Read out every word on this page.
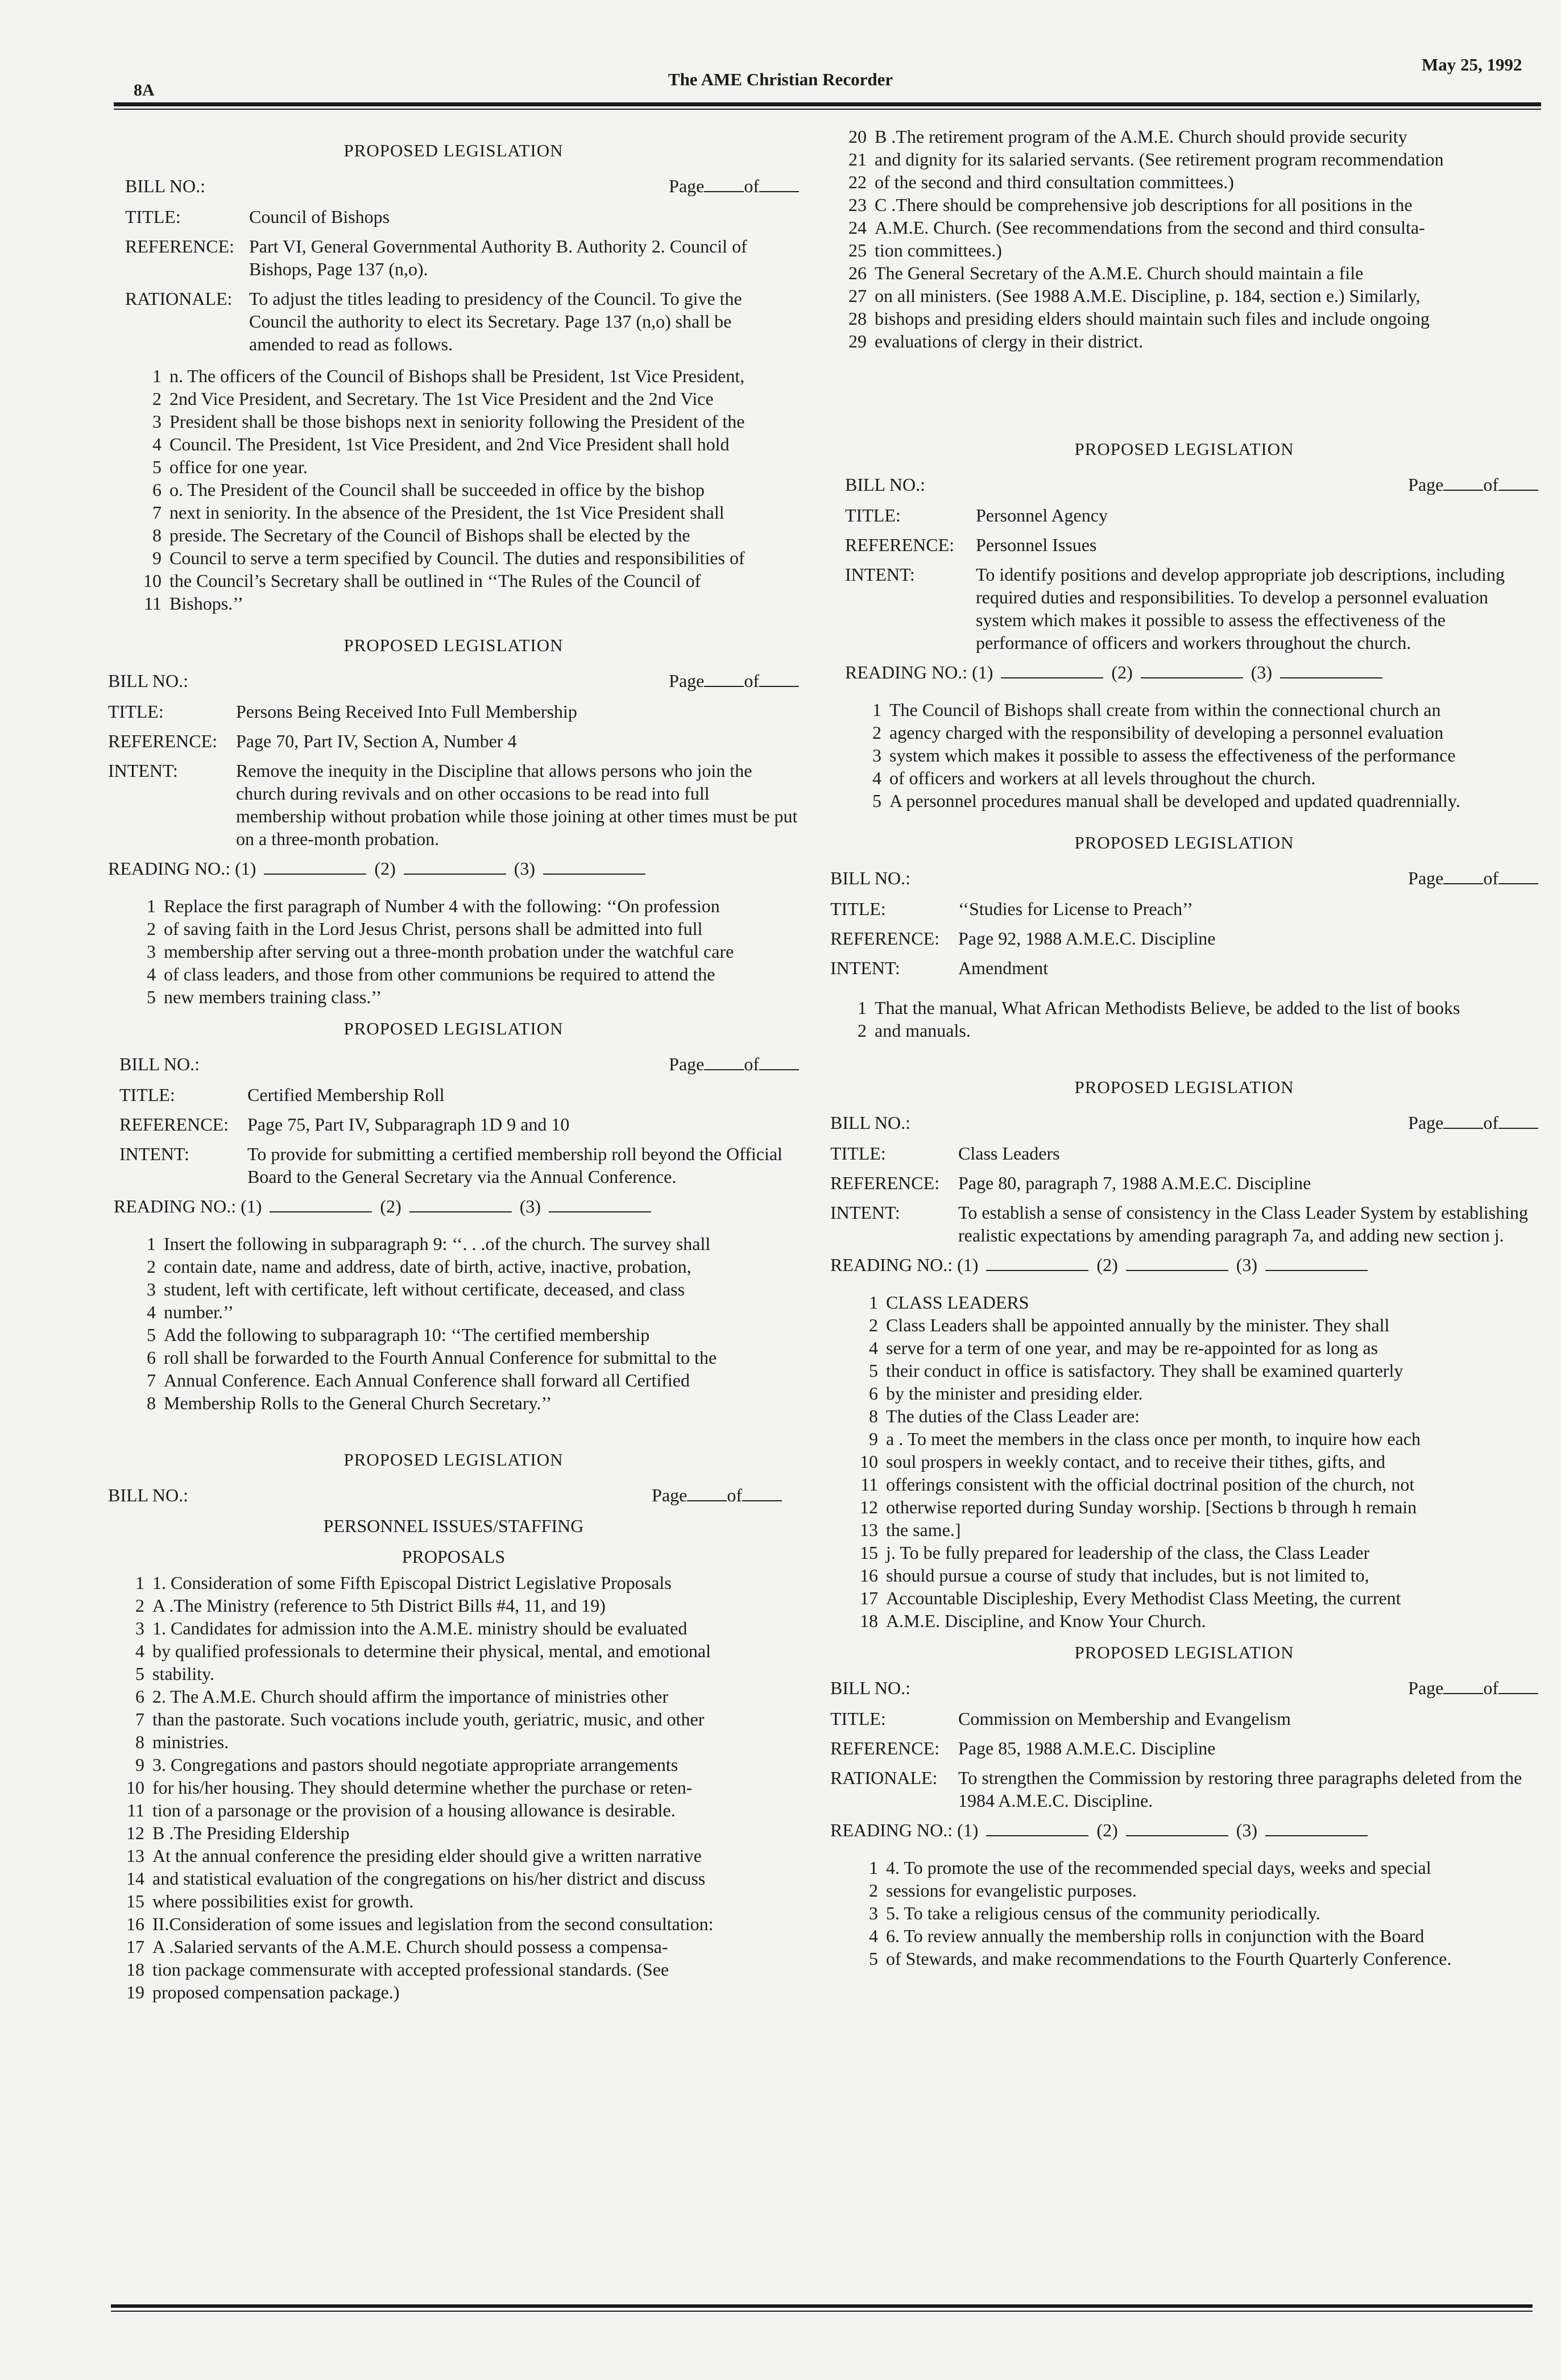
8A
The AME Christian Recorder
May 25, 1992
PROPOSED LEGISLATION
BILL NO.:	Page of
TITLE:	Council of Bishops
REFERENCE: Part VI, General Governmental Authority B. Authority 2. Council of Bishops, Page 137 (n,o).
RATIONALE: To adjust the titles leading to presidency of the Council. To give the Council the authority to elect its Secretary. Page 137 (n,o) shall be amended to read as follows.
1 n. The officers of the Council of Bishops shall be President, 1st Vice President,
2 2nd Vice President, and Secretary. The 1st Vice President and the 2nd Vice
3 President shall be those bishops next in seniority following the President of the
4 Council. The President, 1st Vice President, and 2nd Vice President shall hold
5 office for one year.
6 o. The President of the Council shall be succeeded in office by the bishop
7 next in seniority. In the absence of the President, the 1st Vice President shall
8 preside. The Secretary of the Council of Bishops shall be elected by the
9 Council to serve a term specified by Council. The duties and responsibilities of
10 the Council’s Secretary shall be outlined in ‘‘The Rules of the Council of
11 Bishops.’’
PROPOSED LEGISLATION
BILL NO.:	Page of
TITLE:	Persons Being Received Into Full Membership
REFERENCE:	Page 70, Part IV, Section A, Number 4
INTENT:	Remove the inequity in the Discipline that allows persons who join the church during revivals and on other occasions to be read into full membership without probation while those joining at other times must be put on a three-month probation.
READING NO.: (1)	(2)	(3)
1 Replace the first paragraph of Number 4 with the following: ‘‘On profession
2 of saving faith in the Lord Jesus Christ, persons shall be admitted into full
3 membership after serving out a three-month probation under the watchful care
4 of class leaders, and those from other communions be required to attend the
5 new members training class.’’
PROPOSED LEGISLATION
BILL NO.:	Page of
TITLE:	Certified Membership Roll
REFERENCE:	Page 75, Part IV, Subparagraph 1D 9 and 10
INTENT:	To provide for submitting a certified membership roll beyond the Official Board to the General Secretary via the Annual Conference.
READING NO.: (1)	(2)	(3)
1 Insert the following in subparagraph 9: ‘‘. . .of the church. The survey shall
2 contain date, name and address, date of birth, active, inactive, probation,
3 student, left with certificate, left without certificate, deceased, and class
4 number.’’
5 Add the following to subparagraph 10: ‘‘The certified membership
6 roll shall be forwarded to the Fourth Annual Conference for submittal to the
7 Annual Conference. Each Annual Conference shall forward all Certified
8 Membership Rolls to the General Church Secretary.’’
PROPOSED LEGISLATION
BILL NO.:	Page of
PERSONNEL ISSUES/STAFFING
PROPOSALS
1 1. Consideration of some Fifth Episcopal District Legislative Proposals
2 A .The Ministry (reference to 5th District Bills #4, 11, and 19)
3 1. Candidates for admission into the A.M.E. ministry should be evaluated
4 by qualified professionals to determine their physical, mental, and emotional
5 stability.
6 2. The A.M.E. Church should affirm the importance of ministries other
7 than the pastorate. Such vocations include youth, geriatric, music, and other
8 ministries.
9 3. Congregations and pastors should negotiate appropriate arrangements
10 for his/her housing. They should determine whether the purchase or reten-
11 tion of a parsonage or the provision of a housing allowance is desirable.
12 B .The Presiding Eldership
13 At the annual conference the presiding elder should give a written narrative
14 and statistical evaluation of the congregations on his/her district and discuss
15 where possibilities exist for growth.
16 II.Consideration of some issues and legislation from the second consultation:
17 A .Salaried servants of the A.M.E. Church should possess a compensa-
18 tion package commensurate with accepted professional standards. (See
19 proposed compensation package.)
20 B .The retirement program of the A.M.E. Church should provide security
21 and dignity for its salaried servants. (See retirement program recommendation
22 of the second and third consultation committees.)
23 C .There should be comprehensive job descriptions for all positions in the
24 A.M.E. Church. (See recommendations from the second and third consulta-
25 tion committees.)
26 The General Secretary of the A.M.E. Church should maintain a file
27 on all ministers. (See 1988 A.M.E. Discipline, p. 184, section e.) Similarly,
28 bishops and presiding elders should maintain such files and include ongoing
29 evaluations of clergy in their district.
PROPOSED LEGISLATION
BILL NO.:	Page of
TITLE:	Personnel Agency
REFERENCE:	Personnel Issues
INTENT:	To identify positions and develop appropriate job descriptions, including required duties and responsibilities. To develop a personnel evaluation system which makes it possible to assess the effectiveness of the performance of officers and workers throughout the church.
READING NO.: (1)	(2)	(3)
1 The Council of Bishops shall create from within the connectional church an
2 agency charged with the responsibility of developing a personnel evaluation
3 system which makes it possible to assess the effectiveness of the performance
4 of officers and workers at all levels throughout the church.
5 A personnel procedures manual shall be developed and updated quadrennially.
PROPOSED LEGISLATION
BILL NO.:	Page of
TITLE:	‘‘Studies for License to Preach’’
REFERENCE:	Page 92, 1988 A.M.E.C. Discipline
INTENT:	Amendment
1 That the manual, What African Methodists Believe, be added to the list of books
2 and manuals.
PROPOSED LEGISLATION
BILL NO.:	Page of
TITLE:	Class Leaders
REFERENCE:	Page 80, paragraph 7, 1988 A.M.E.C. Discipline
INTENT:	To establish a sense of consistency in the Class Leader System by establishing realistic expectations by amending paragraph 7a, and adding new section j.
READING NO.: (1)	(2)	(3)
1 CLASS LEADERS
2 Class Leaders shall be appointed annually by the minister. They shall
4 serve for a term of one year, and may be re-appointed for as long as
5 their conduct in office is satisfactory. They shall be examined quarterly
6 by the minister and presiding elder.
8 The duties of the Class Leader are:
9 a . To meet the members in the class once per month, to inquire how each
10 soul prospers in weekly contact, and to receive their tithes, gifts, and
11 offerings consistent with the official doctrinal position of the church, not
12 otherwise reported during Sunday worship. [Sections b through h remain
13 the same.]
15 j. To be fully prepared for leadership of the class, the Class Leader
16 should pursue a course of study that includes, but is not limited to,
17 Accountable Discipleship, Every Methodist Class Meeting, the current
18 A.M.E. Discipline, and Know Your Church.
PROPOSED LEGISLATION
BILL NO.:	Page of
TITLE:	Commission on Membership and Evangelism
REFERENCE:	Page 85, 1988 A.M.E.C. Discipline
RATIONALE:	To strengthen the Commission by restoring three paragraphs deleted from the 1984 A.M.E.C. Discipline.
READING NO.: (1)	(2)	(3)
1 4. To promote the use of the recommended special days, weeks and special
2 sessions for evangelistic purposes.
3 5. To take a religious census of the community periodically.
4 6. To review annually the membership rolls in conjunction with the Board
5 of Stewards, and make recommendations to the Fourth Quarterly Conference.
